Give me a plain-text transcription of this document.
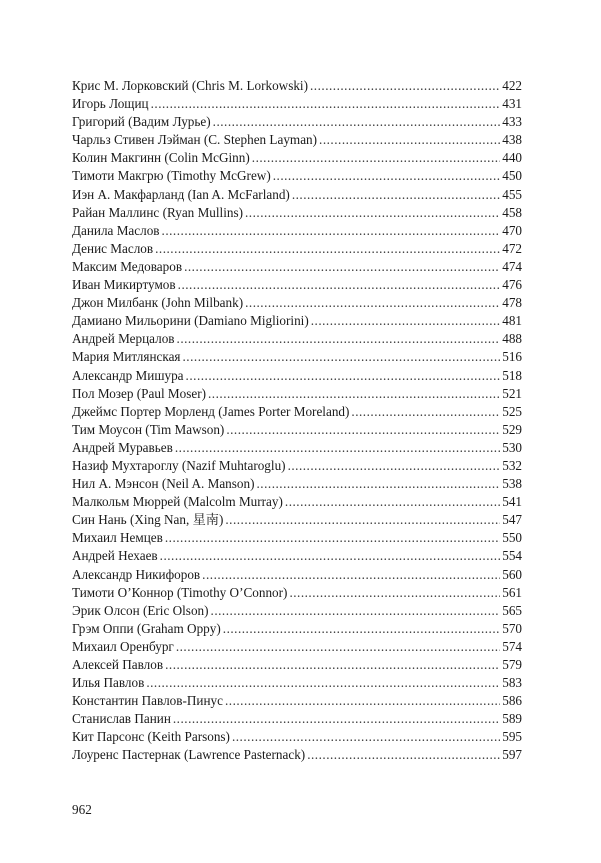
Крис М. Лорковский (Chris M. Lorkowski) .....	422
Игорь Лощиц .....	431
Григорий (Вадим Лурье) .....	433
Чарльз Стивен Лэйман (C. Stephen Layman) .....	438
Колин Макгинн (Colin McGinn) .....	440
Тимоти Макгрю (Timothy McGrew) .....	450
Иэн А. Макфарланд (Ian A. McFarland) .....	455
Райан Маллинс (Ryan Mullins) .....	458
Данила Маслов .....	470
Денис Маслов .....	472
Максим Медоваров .....	474
Иван Микиртумов .....	476
Джон Милбанк (John Milbank) .....	478
Дамиано Мильорини (Damiano Migliorini) .....	481
Андрей Мерцалов .....	488
Мария Митлянская .....	516
Александр Мишура .....	518
Пол Мозер (Paul Moser) .....	521
Джеймс Портер Морленд (James Porter Moreland) .....	525
Тим Моусон (Tim Mawson) .....	529
Андрей Муравьев .....	530
Назиф Мухтароглу (Nazif Muhtaroglu) .....	532
Нил А. Мэнсон (Neil A. Manson) .....	538
Малкольм Мюррей (Malcolm Murray) .....	541
Син Нань (Xing Nan, 星南) .....	547
Михаил Немцев .....	550
Андрей Нехаев .....	554
Александр Никифоров .....	560
Тимоти О’Коннор (Timothy O’Connor) .....	561
Эрик Олсон (Eric Olson) .....	565
Грэм Оппи (Graham Oppy) .....	570
Михаил Оренбург .....	574
Алексей Павлов .....	579
Илья Павлов .....	583
Константин Павлов-Пинус .....	586
Станислав Панин .....	589
Кит Парсонс (Keith Parsons) .....	595
Лоуренс Пастернак (Lawrence Pasternack) .....	597
962
